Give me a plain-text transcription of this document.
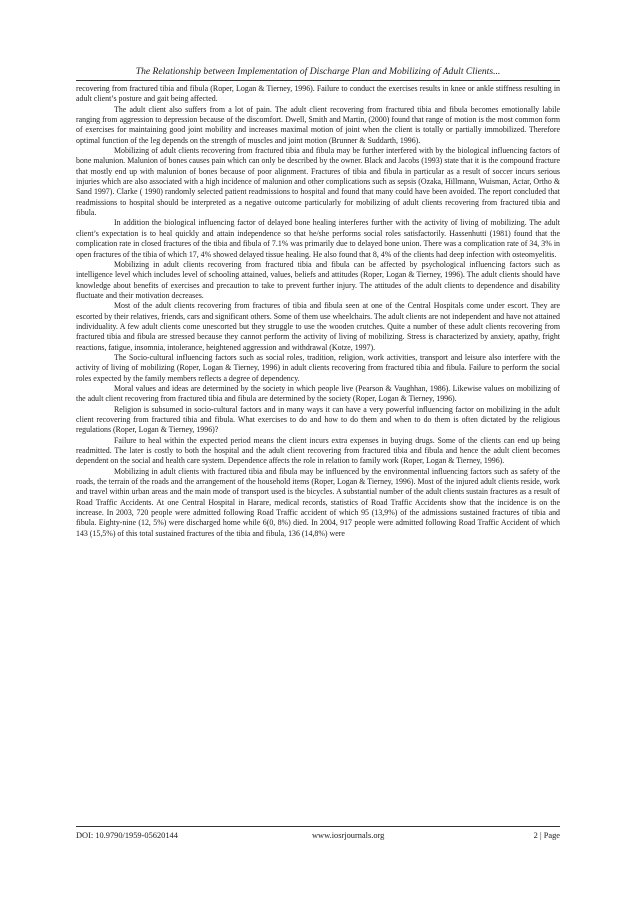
The Relationship between Implementation of Discharge Plan and Mobilizing of Adult Clients...

recovering from fractured tibia and fibula (Roper, Logan & Tierney, 1996). Failure to conduct the exercises results in knee or ankle stiffness resulting in adult client’s posture and gait being affected.

The adult client also suffers from a lot of pain. The adult client recovering from fractured tibia and fibula becomes emotionally labile ranging from aggression to depression because of the discomfort. Dwell, Smith and Martin, (2000) found that range of motion is the most common form of exercises for maintaining good joint mobility and increases maximal motion of joint when the client is totally or partially immobilized. Therefore optimal function of the leg depends on the strength of muscles and joint motion (Brunner & Suddarth, 1996).

Mobilizing of adult clients recovering from fractured tibia and fibula may be further interfered with by the biological influencing factors of bone malunion. Malunion of bones causes pain which can only be described by the owner. Black and Jacobs (1993) state that it is the compound fracture that mostly end up with malunion of bones because of poor alignment. Fractures of tibia and fibula in particular as a result of soccer incurs serious injuries which are also associated with a high incidence of malunion and other complications such as sepsis (Ozaka, Hillmann, Wuisman, Actar, Ortho & Sand 1997). Clarke ( 1990) randomly selected patient readmissions to hospital and found that many could have been avoided. The report concluded that readmissions to hospital should be interpreted as a negative outcome particularly for mobilizing of adult clients recovering from fractured tibia and fibula.

In addition the biological influencing factor of delayed bone healing interferes further with the activity of living of mobilizing. The adult client’s expectation is to heal quickly and attain independence so that he/she performs social roles satisfactorily. Hassenhutti (1981) found that the complication rate in closed fractures of the tibia and fibula of 7.1% was primarily due to delayed bone union. There was a complication rate of 34, 3% in open fractures of the tibia of which 17, 4% showed delayed tissue healing. He also found that 8, 4% of the clients had deep infection with osteomyelitis.

Mobilizing in adult clients recovering from fractured tibia and fibula can be affected by psychological influencing factors such as intelligence level which includes level of schooling attained, values, beliefs and attitudes (Roper, Logan & Tierney, 1996). The adult clients should have knowledge about benefits of exercises and precaution to take to prevent further injury. The attitudes of the adult clients to dependence and disability fluctuate and their motivation decreases.

Most of the adult clients recovering from fractures of tibia and fibula seen at one of the Central Hospitals come under escort. They are escorted by their relatives, friends, cars and significant others. Some of them use wheelchairs. The adult clients are not independent and have not attained individuality. A few adult clients come unescorted but they struggle to use the wooden crutches. Quite a number of these adult clients recovering from fractured tibia and fibula are stressed because they cannot perform the activity of living of mobilizing. Stress is characterized by anxiety, apathy, fright reactions, fatigue, insomnia, intolerance, heightened aggression and withdrawal (Kotze, 1997).

The Socio-cultural influencing factors such as social roles, tradition, religion, work activities, transport and leisure also interfere with the activity of living of mobilizing (Roper, Logan & Tierney, 1996) in adult clients recovering from fractured tibia and fibula. Failure to perform the social roles expected by the family members reflects a degree of dependency.

Moral values and ideas are determined by the society in which people live (Pearson & Vaughhan, 1986). Likewise values on mobilizing of the adult client recovering from fractured tibia and fibula are determined by the society (Roper, Logan & Tierney, 1996).

Religion is subsumed in socio-cultural factors and in many ways it can have a very powerful influencing factor on mobilizing in the adult client recovering from fractured tibia and fibula. What exercises to do and how to do them and when to do them is often dictated by the religious regulations (Roper, Logan & Tierney, 1996)?

Failure to heal within the expected period means the client incurs extra expenses in buying drugs. Some of the clients can end up being readmitted. The later is costly to both the hospital and the adult client recovering from fractured tibia and fibula and hence the adult client becomes dependent on the social and health care system. Dependence affects the role in relation to family work (Roper, Logan & Tierney, 1996).

Mobilizing in adult clients with fractured tibia and fibula may be influenced by the environmental influencing factors such as safety of the roads, the terrain of the roads and the arrangement of the household items (Roper, Logan & Tierney, 1996). Most of the injured adult clients reside, work and travel within urban areas and the main mode of transport used is the bicycles. A substantial number of the adult clients sustain fractures as a result of Road Traffic Accidents. At one Central Hospital in Harare, medical records, statistics of Road Traffic Accidents show that the incidence is on the increase. In 2003, 720 people were admitted following Road Traffic accident of which 95 (13,9%) of the admissions sustained fractures of tibia and fibula. Eighty-nine (12, 5%) were discharged home while 6(0, 8%) died. In 2004, 917 people were admitted following Road Traffic Accident of which 143 (15,5%) of this total sustained fractures of the tibia and fibula, 136 (14,8%) were

DOI: 10.9790/1959-05620144	www.iosrjournals.org	2 | Page
